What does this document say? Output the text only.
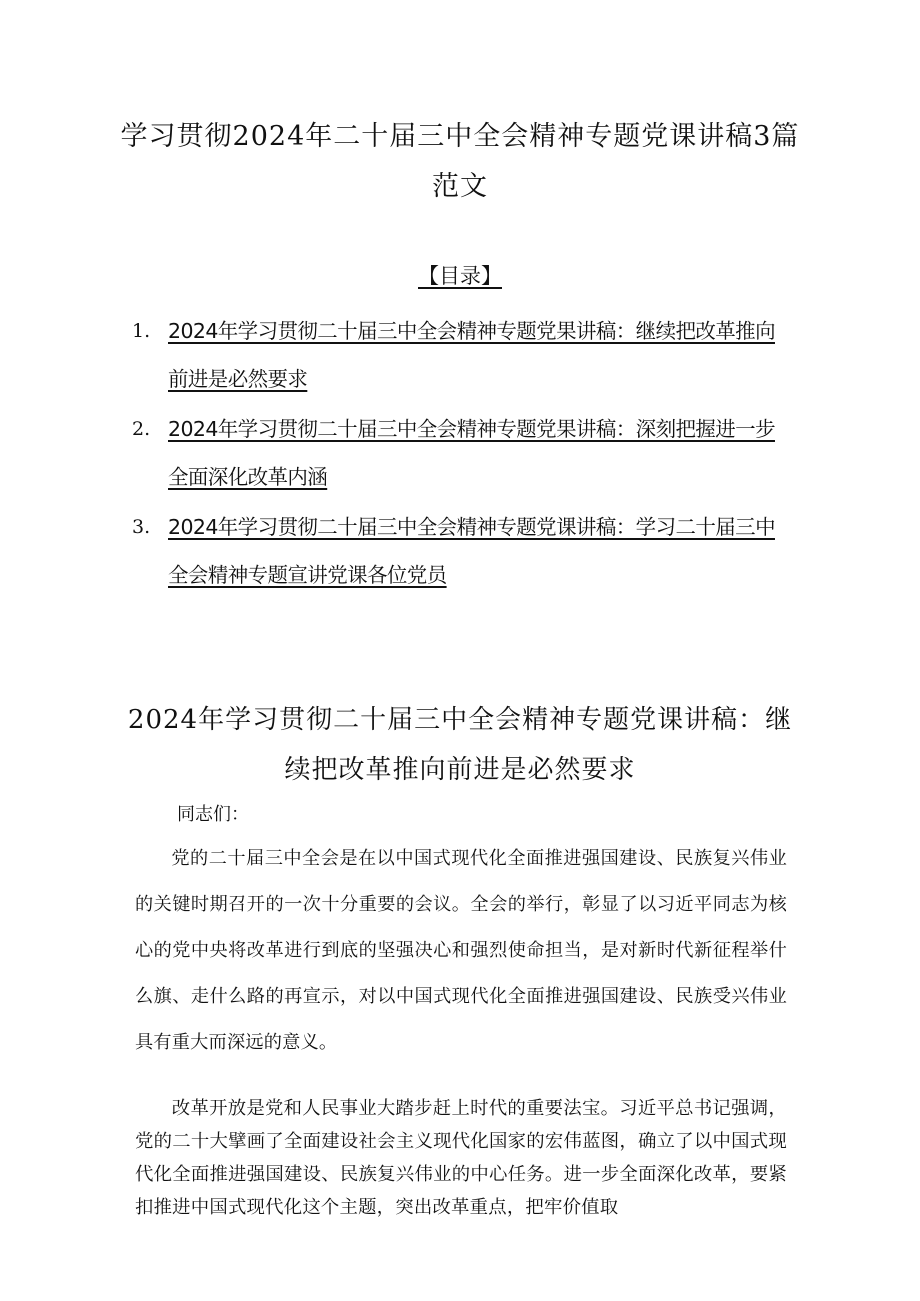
学习贯彻2024年二十届三中全会精神专题党课讲稿3篇范文
【目录】
1. 2024年学习贯彻二十届三中全会精神专题党果讲稿：继续把改革推向前进是必然要求
2. 2024年学习贯彻二十届三中全会精神专题党果讲稿：深刻把握进一步全面深化改革内涵
3. 2024年学习贯彻二十届三中全会精神专题党课讲稿：学习二十届三中全会精神专题宣讲党课各位党员
2024年学习贯彻二十届三中全会精神专题党课讲稿：继续把改革推向前进是必然要求
同志们：

党的二十届三中全会是在以中国式现代化全面推进强国建设、民族复兴伟业的关键时期召开的一次十分重要的会议。全会的举行，彰显了以习近平同志为核心的党中央将改革进行到底的坚强决心和强烈使命担当，是对新时代新征程举什么旗、走什么路的再宣示，对以中国式现代化全面推进强国建设、民族受兴伟业具有重大而深远的意义。

改革开放是党和人民事业大踏步赶上时代的重要法宝。习近平总书记强调，党的二十大擘画了全面建设社会主义现代化国家的宏伟蓝图，确立了以中国式现代化全面推进强国建设、民族复兴伟业的中心任务。进一步全面深化改革，要紧扣推进中国式现代化这个主题，突出改革重点，把牢价值取
